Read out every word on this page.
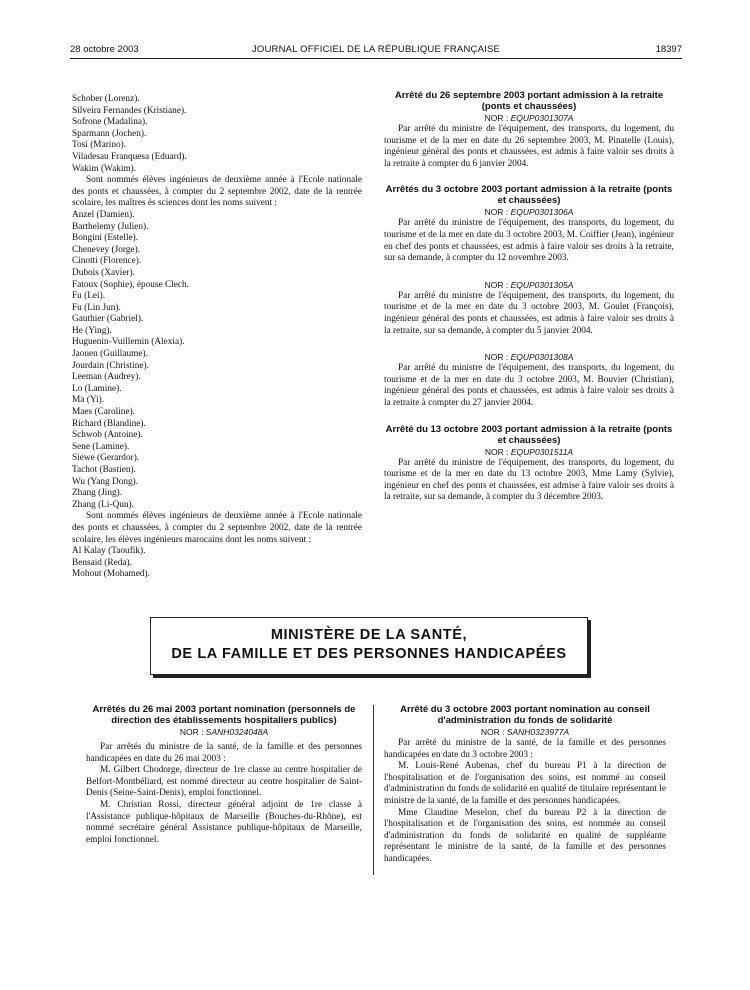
28 octobre 2003	JOURNAL OFFICIEL DE LA RÉPUBLIQUE FRANÇAISE	18397
Schober (Lorenz).
Silveira Fernandes (Kristiane).
Sofrone (Madalina).
Sparmann (Jochen).
Tosi (Marino).
Viladesau Franquesa (Eduard).
Wakim (Wakim).

Sont nommés élèves ingénieurs de deuxième année à l'Ecole nationale des ponts et chaussées, à compter du 2 septembre 2002, date de la rentrée scolaire, les maîtres ès sciences dont les noms suivent :

Anzel (Damien).
Barthelemy (Julien).
Bongini (Estelle).
Chenevey (Jorge).
Cinotti (Florence).
Dubois (Xavier).
Fatoux (Sophie), épouse Clech.
Fu (Lei).
Fu (Lin Jun).
Gauthier (Gabriel).
He (Ying).
Huguenin-Vuillemin (Alexia).
Jaouen (Guillaume).
Jourdain (Christine).
Leeman (Audrey).
Lo (Lamine).
Ma (Yi).
Maes (Caroline).
Richard (Blandine).
Schwob (Antoine).
Sene (Lamine).
Siewe (Gerardor).
Tachot (Bastien).
Wu (Yang Dong).
Zhang (Jing).
Zhang (Li-Qun).

Sont nommés élèves ingénieurs de deuxième année à l'Ecole nationale des ponts et chaussées, à compter du 2 septembre 2002, date de la rentrée scolaire, les élèves ingénieurs marocains dont les noms suivent :

Al Kalay (Taoufik).
Bensaid (Reda).
Mohout (Mohamed).

Arrêté du 26 septembre 2003 portant admission à la retraite (ponts et chaussées)

NOR : EQUP0301307A

Par arrêté du ministre de l'équipement, des transports, du logement, du tourisme et de la mer en date du 26 septembre 2003, M. Pinatelle (Louis), ingénieur général des ponts et chaussées, est admis à faire valoir ses droits à la retraite à compter du 6 janvier 2004.

Arrêtés du 3 octobre 2003 portant admission à la retraite (ponts et chaussées)

NOR : EQUP0301306A

Par arrêté du ministre de l'équipement, des transports, du logement, du tourisme et de la mer en date du 3 octobre 2003, M. Coiffier (Jean), ingénieur en chef des ponts et chaussées, est admis à faire valoir ses droits à la retraite, sur sa demande, à compter du 12 novembre 2003.

NOR : EQUP0301305A

Par arrêté du ministre de l'équipement, des transports, du logement, du tourisme et de la mer en date du 3 octobre 2003, M. Goulet (François), ingénieur général des ponts et chaussées, est admis à faire valoir ses droits à la retraite, sur sa demande, à compter du 5 janvier 2004.

NOR : EQUP0301308A

Par arrêté du ministre de l'équipement, des transports, du logement, du tourisme et de la mer en date du 3 octobre 2003, M. Bouvier (Christian), ingénieur général des ponts et chaussées, est admis à faire valoir ses droits à la retraite à compter du 27 janvier 2004.

Arrêté du 13 octobre 2003 portant admission à la retraite (ponts et chaussées)

NOR : EQUP0301511A

Par arrêté du ministre de l'équipement, des transports, du logement, du tourisme et de la mer en date du 13 octobre 2003, Mme Lamy (Sylvie), ingénieur en chef des ponts et chaussées, est admise à faire valoir ses droits à la retraite, sur sa demande, à compter du 3 décembre 2003.

MINISTÈRE DE LA SANTÉ,
DE LA FAMILLE ET DES PERSONNES HANDICAPÉES

Arrêtés du 26 mai 2003 portant nomination (personnels de direction des établissements hospitaliers publics)

NOR : SANH0324048A

Par arrêtés du ministre de la santé, de la famille et des personnes handicapées en date du 26 mai 2003 :

M. Gilbert Chodorge, directeur de 1re classe au centre hospitalier de Belfort-Montbéliard, est nommé directeur au centre hospitalier de Saint-Denis (Seine-Saint-Denis), emploi fonctionnel.

M. Christian Rossi, directeur général adjoint de 1re classe à l'Assistance publique-hôpitaux de Marseille (Bouches-du-Rhône), est nommé secrétaire général Assistance publique-hôpitaux de Marseille, emploi fonctionnel.

Arrêté du 3 octobre 2003 portant nomination au conseil d'administration du fonds de solidarité

NOR : SANH0323977A

Par arrêté du ministre de la santé, de la famille et des personnes handicapées en date du 3 octobre 2003 :

M. Louis-René Aubenas, chef du bureau P1 à la direction de l'hospitalisation et de l'organisation des soins, est nommé au conseil d'administration du fonds de solidarité en qualité de titulaire représentant le ministre de la santé, de la famille et des personnes handicapées.

Mme Claudine Meselon, chef du bureau P2 à la direction de l'hospitalisation et de l'organisation des soins, est nommée au conseil d'administration du fonds de solidarité en qualité de suppléante représentant le ministre de la santé, de la famille et des personnes handicapées.
